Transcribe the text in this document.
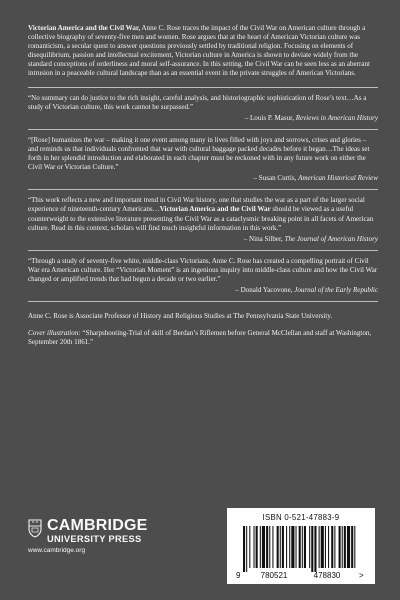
Victorian America and the Civil War, Anne C. Rose traces the impact of the Civil War on American culture through a collective biography of seventy-five men and women. Rose argues that at the heart of American Victorian culture was romanticism, a secular quest to answer questions previously settled by traditional religion. Focusing on elements of disequilibrium, passion and intellectual excitement, Victorian culture in America is shown to deviate widely from the standard conceptions of orderliness and moral self-assurance. In this setting, the Civil War can be seen less as an aberrant intrusion in a peaceable cultural landscape than as an essential event in the private struggles of American Victorians.

“No summary can do justice to the rich insight, careful analysis, and historiographic sophistication of Rose’s text…As a study of Victorian culture, this work cannot be surpassed.”

– Louis P. Masur, Reviews in American History

“[Rose] humanizes the war – making it one event among many in lives filled with joys and sorrows, crises and glories – and reminds us that individuals confronted that war with cultural baggage packed decades before it began…The ideas set forth in her splendid introduction and elaborated in each chapter must be reckoned with in any future work on either the Civil War or Victorian Culture.”

– Susan Curtis, American Historical Review

“This work reflects a new and important trend in Civil War history, one that studies the war as a part of the larger social experience of nineteenth-century Americans…Victorian America and the Civil War should be viewed as a useful counterweight to the extensive literature presenting the Civil War as a cataclysmic breaking point in all facets of American culture. Read in this context, scholars will find much insightful information in this work.”

– Nina Silber, The Journal of American History

“Through a study of seventy-five white, middle-class Victorians, Anne C. Rose has created a compelling portrait of Civil War era American culture. Her “Victorian Moment” is an ingenious inquiry into middle-class culture and how the Civil War changed or amplified trends that had begun a decade or two earlier.”

– Donald Yacovone, Journal of the Early Republic

Anne C. Rose is Associate Professor of History and Religious Studies at The Pennsylvania State University.

Cover illustration: “Sharpshooting-Trial of skill of Berdan’s Riflemen before General McClellan and staff at Washington, September 20th 1861.”

CAMBRIDGE
UNIVERSITY PRESS
www.cambridge.org
ISBN 0-521-47883-9
9	780521	478830 >
